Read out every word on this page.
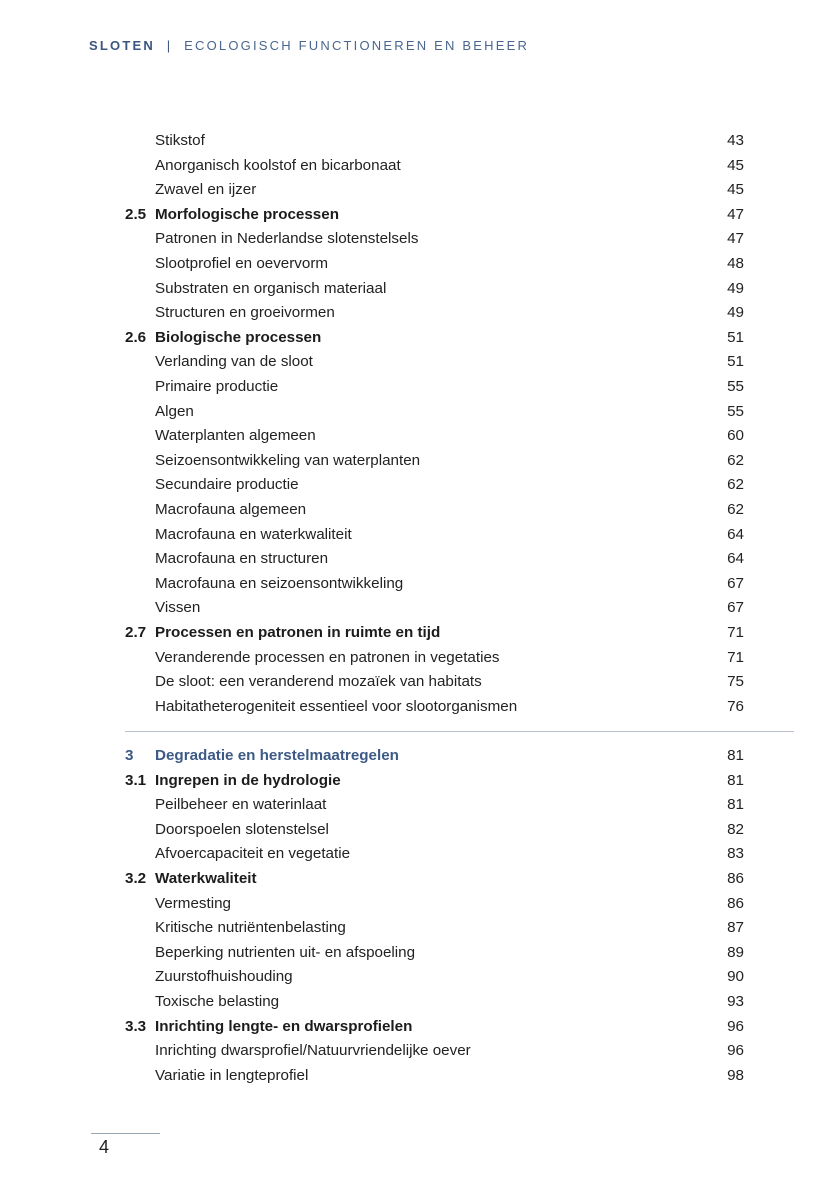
SLOTEN | ECOLOGISCH FUNCTIONEREN EN BEHEER
Stikstof	43
Anorganisch koolstof en bicarbonaat	45
Zwavel en ijzer	45
2.5 Morfologische processen	47
Patronen in Nederlandse slotenstelsels	47
Slootprofiel en oevervorm	48
Substraten en organisch materiaal	49
Structuren en groeivormen	49
2.6 Biologische processen	51
Verlanding van de sloot	51
Primaire productie	55
Algen	55
Waterplanten algemeen	60
Seizoensontwikkeling van waterplanten	62
Secundaire productie	62
Macrofauna algemeen	62
Macrofauna en waterkwaliteit	64
Macrofauna en structuren	64
Macrofauna en seizoensontwikkeling	67
Vissen	67
2.7 Processen en patronen in ruimte en tijd	71
Veranderende processen en patronen in vegetaties	71
De sloot: een veranderend mozaïek van habitats	75
Habitatheterogeniteit essentieel voor slootorganismen	76
3 Degradatie en herstelmaatregelen	81
3.1 Ingrepen in de hydrologie	81
Peilbeheer en waterinlaat	81
Doorspoelen slotenstelsel	82
Afvoercapaciteit en vegetatie	83
3.2 Waterkwaliteit	86
Vermesting	86
Kritische nutriëntenbelasting	87
Beperking nutrienten uit- en afspoeling	89
Zuurstofhuishouding	90
Toxische belasting	93
3.3 Inrichting lengte- en dwarsprofielen	96
Inrichting dwarsprofiel/Natuurvriendelijke oever	96
Variatie in lengteprofiel	98
4
